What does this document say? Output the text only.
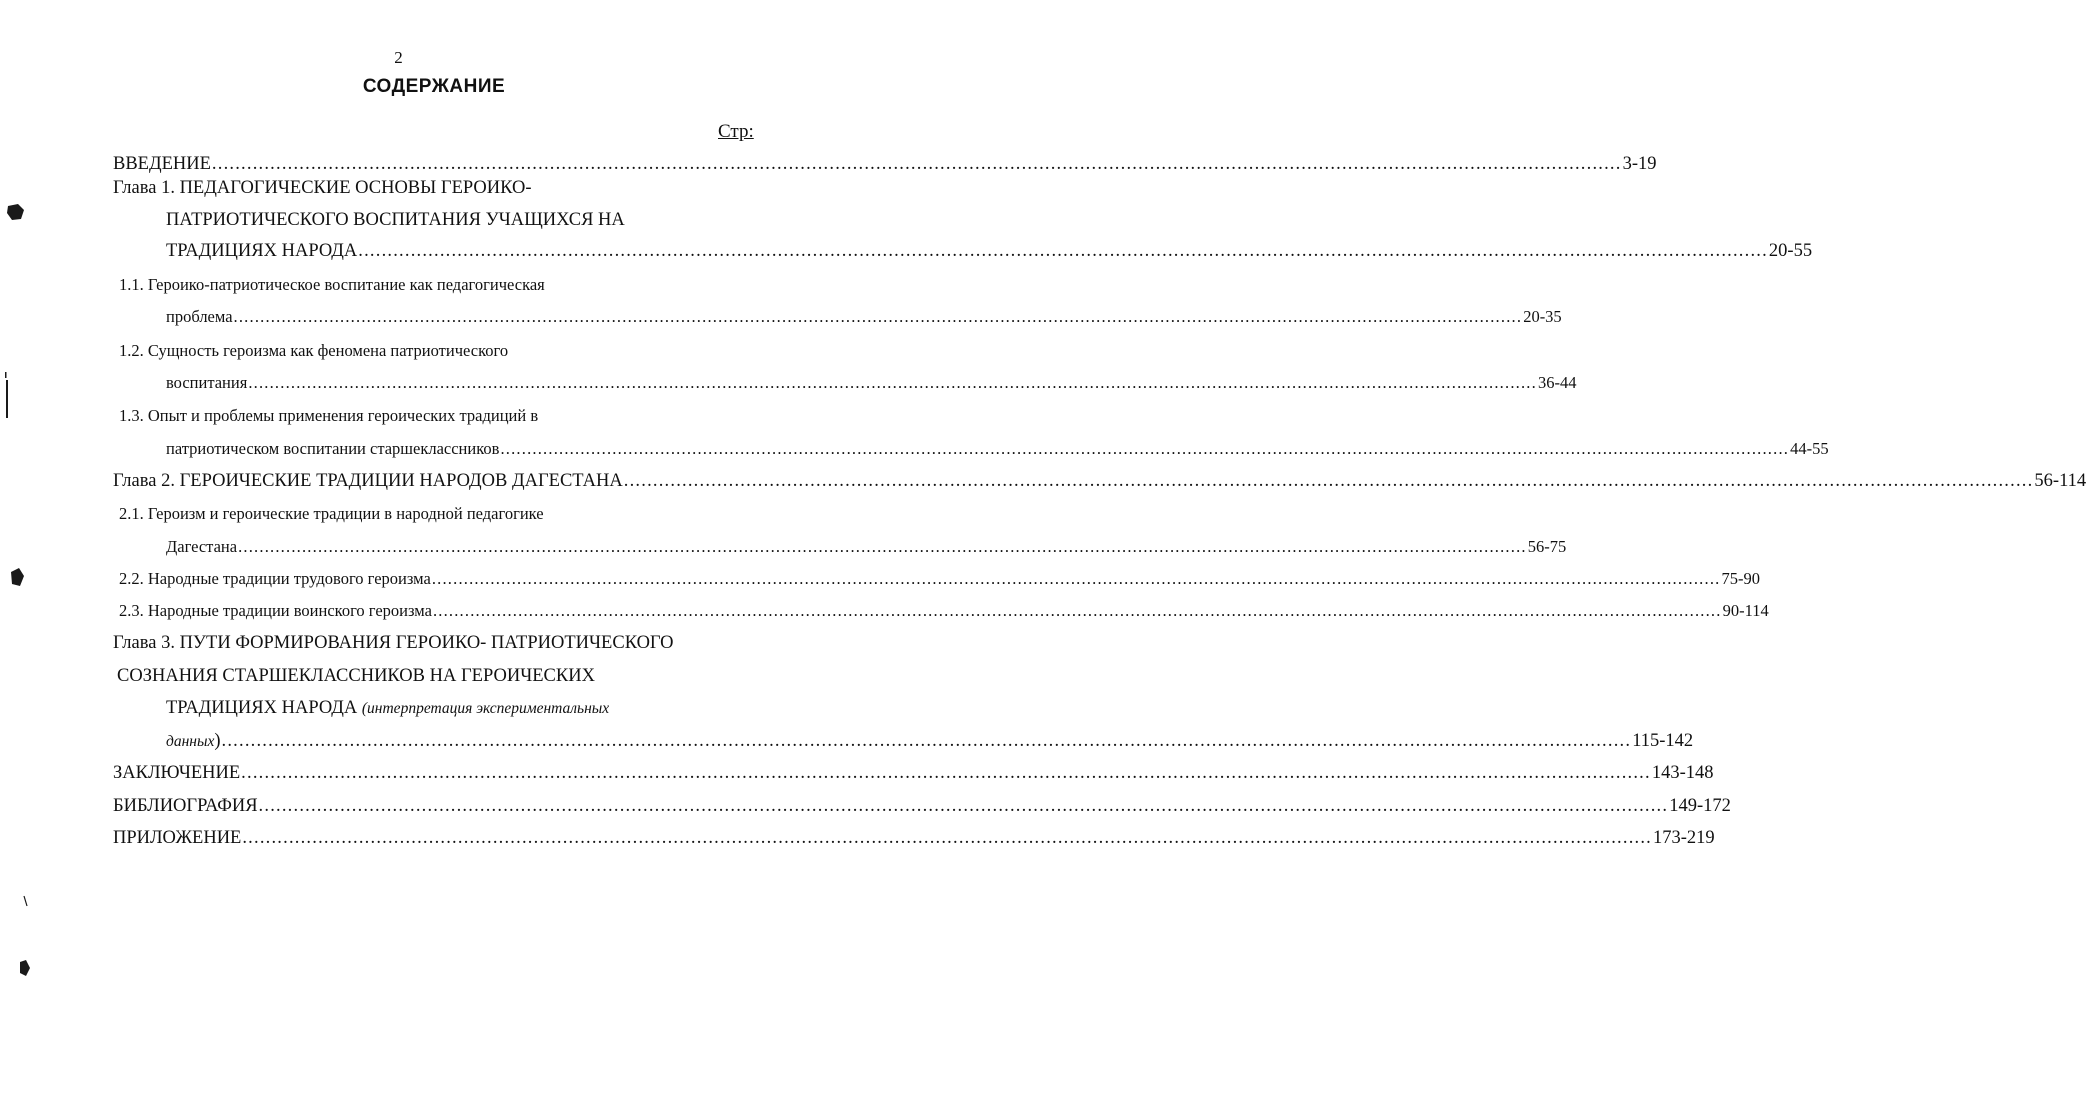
2
СОДЕРЖАНИЕ
Стр:
ВВЕДЕНИЕ .................................................................................................................................................................................................................................................. 3-19
Глава 1. ПЕДАГОГИЧЕСКИЕ ОСНОВЫ ГЕРОИКО-
ПАТРИОТИЧЕСКОГО ВОСПИТАНИЯ УЧАЩИХСЯ НА
ТРАДИЦИЯХ НАРОДА .................................................................................................................................................................................................................................................. 20-55
1.1. Героико-патриотическое воспитание как педагогическая
проблема .................................................................................................................................................................................................................................................. 20-35
1.2. Сущность героизма как феномена патриотического
воспитания .................................................................................................................................................................................................................................................. 36-44
1.3. Опыт и проблемы применения героических традиций в
патриотическом воспитании старшеклассников .................................................................................................................................................................................................................................................. 44-55
Глава 2. ГЕРОИЧЕСКИЕ ТРАДИЦИИ НАРОДОВ ДАГЕСТАНА .................................................................................................................................................................................................................................................. 56-114
2.1. Героизм и героические традиции в народной педагогике
Дагестана .................................................................................................................................................................................................................................................. 56-75
2.2. Народные традиции трудового героизма .................................................................................................................................................................................................................................................. 75-90
2.3. Народные традиции воинского героизма .................................................................................................................................................................................................................................................. 90-114
Глава 3. ПУТИ ФОРМИРОВАНИЯ ГЕРОИКО- ПАТРИОТИЧЕСКОГО
СОЗНАНИЯ СТАРШЕКЛАССНИКОВ НА ГЕРОИЧЕСКИХ
ТРАДИЦИЯХ НАРОДА (интерпретация экспериментальных
данных) .................................................................................................................................................................................................................................................. 115-142
ЗАКЛЮЧЕНИЕ .................................................................................................................................................................................................................................................. 143-148
БИБЛИОГРАФИЯ .................................................................................................................................................................................................................................................. 149-172
ПРИЛОЖЕНИЕ .................................................................................................................................................................................................................................................. 173-219
